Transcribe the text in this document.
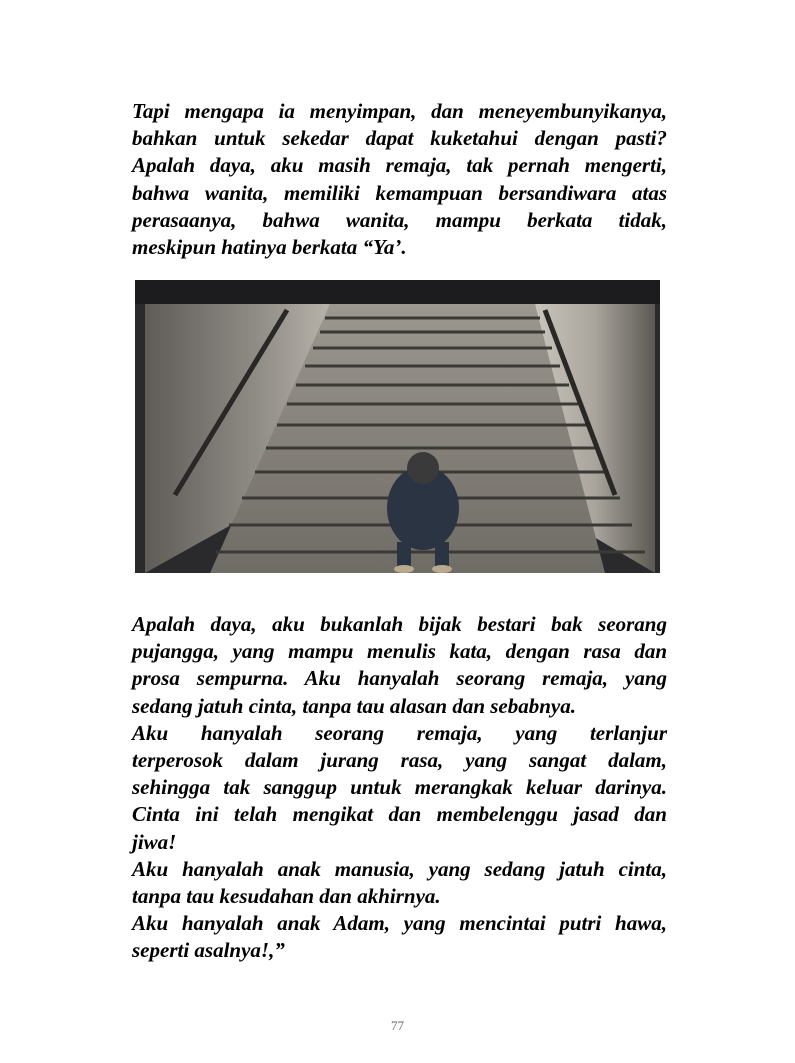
Tapi mengapa ia menyimpan, dan meneyembunyikanya,
bahkan untuk sekedar dapat kuketahui dengan pasti?
Apalah daya, aku masih remaja, tak pernah mengerti,
bahwa wanita, memiliki kemampuan bersandiwara atas
perasaanya, bahwa wanita, mampu berkata tidak,
meskipun hatinya berkata “Ya’.
Apalah daya, aku bukanlah bijak bestari bak seorang
pujangga, yang mampu menulis kata, dengan rasa dan
prosa sempurna. Aku hanyalah seorang remaja, yang
sedang jatuh cinta, tanpa tau alasan dan sebabnya.
Aku hanyalah seorang remaja, yang terlanjur
terperosok dalam jurang rasa, yang sangat dalam,
sehingga tak sanggup untuk merangkak keluar darinya.
Cinta ini telah mengikat dan membelenggu jasad dan
jiwa!
Aku hanyalah anak manusia, yang sedang jatuh cinta,
tanpa tau kesudahan dan akhirnya.
Aku hanyalah anak Adam, yang mencintai putri hawa,
seperti asalnya!,”
77
